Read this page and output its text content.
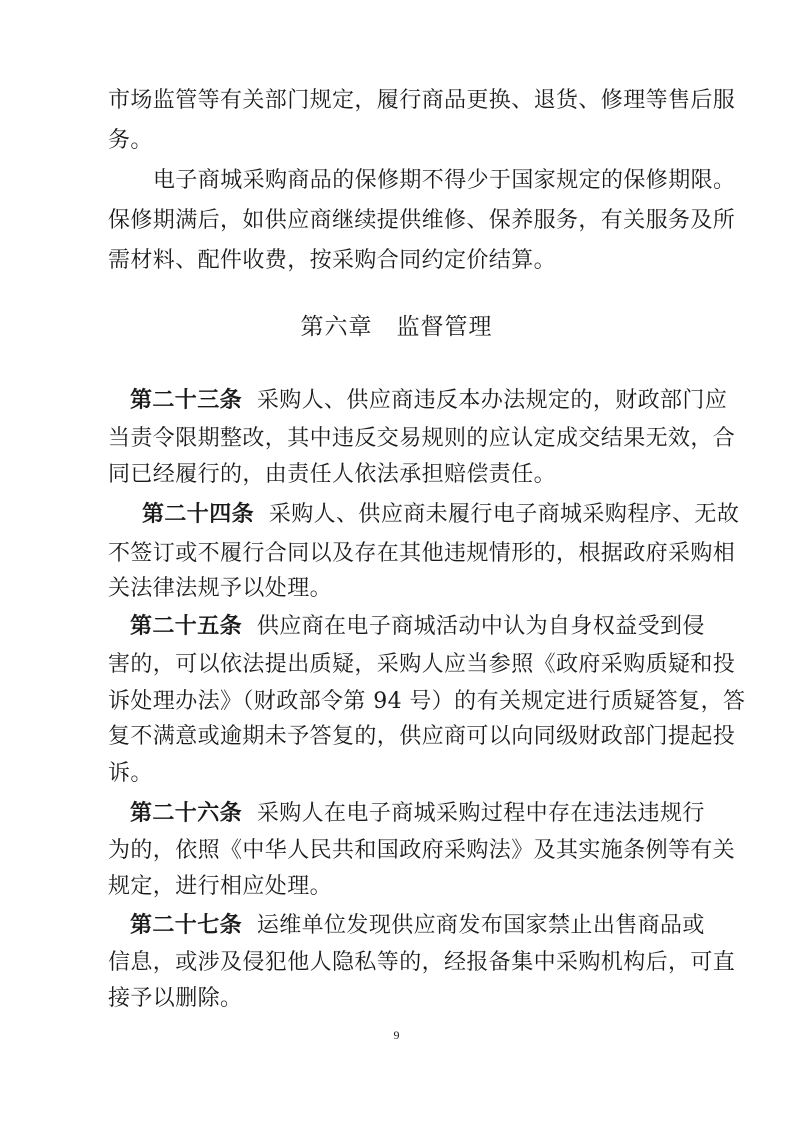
市场监管等有关部门规定，履行商品更换、退货、修理等售后服
务。
电子商城采购商品的保修期不得少于国家规定的保修期限。
保修期满后，如供应商继续提供维修、保养服务，有关服务及所
需材料、配件收费，按采购合同约定价结算。
第六章　监督管理
第二十三条 采购人、供应商违反本办法规定的，财政部门应
当责令限期整改，其中违反交易规则的应认定成交结果无效，合
同已经履行的，由责任人依法承担赔偿责任。
第二十四条 采购人、供应商未履行电子商城采购程序、无故
不签订或不履行合同以及存在其他违规情形的，根据政府采购相
关法律法规予以处理。
第二十五条 供应商在电子商城活动中认为自身权益受到侵
害的，可以依法提出质疑，采购人应当参照《政府采购质疑和投
诉处理办法》（财政部令第 94 号）的有关规定进行质疑答复，答
复不满意或逾期未予答复的，供应商可以向同级财政部门提起投
诉。
第二十六条 采购人在电子商城采购过程中存在违法违规行
为的，依照《中华人民共和国政府采购法》及其实施条例等有关
规定，进行相应处理。
第二十七条 运维单位发现供应商发布国家禁止出售商品或
信息，或涉及侵犯他人隐私等的，经报备集中采购机构后，可直
接予以删除。
9
